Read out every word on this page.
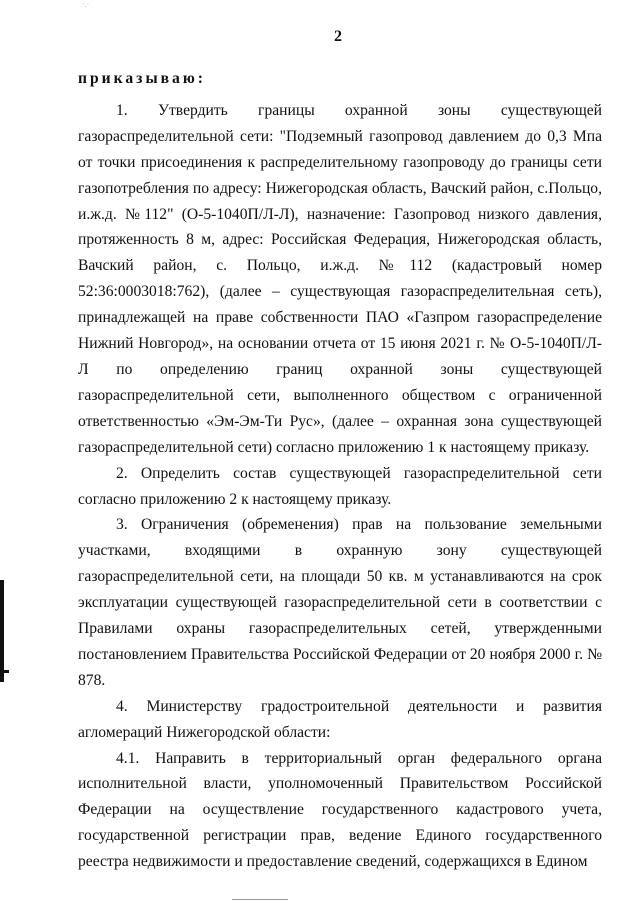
·.·
2
приказываю:

1. Утвердить границы охранной зоны существующей газораспределительной сети: "Подземный газопровод давлением до 0,3 Мпа от точки присоединения к распределительному газопроводу до границы сети газопотребления по адресу: Нижегородская область, Вачский район, с.Польцо, и.ж.д. №112" (О-5-1040П/Л-Л), назначение: Газопровод низкого давления, протяженность 8 м, адрес: Российская Федерация, Нижегородская область, Вачский район, с. Польцо, и.ж.д. №112 (кадастровый номер 52:36:0003018:762), (далее – существующая газораспределительная сеть), принадлежащей на праве собственности ПАО «Газпром газораспределение Нижний Новгород», на основании отчета от 15 июня 2021 г. № О-5-1040П/Л-Л по определению границ охранной зоны существующей газораспределительной сети, выполненного обществом с ограниченной ответственностью «Эм-Эм-Ти Рус», (далее – охранная зона существующей газораспределительной сети) согласно приложению 1 к настоящему приказу.

2. Определить состав существующей газораспределительной сети согласно приложению 2 к настоящему приказу.

3. Ограничения (обременения) прав на пользование земельными участками, входящими в охранную зону существующей газораспределительной сети, на площади 50 кв. м устанавливаются на срок эксплуатации существующей газораспределительной сети в соответствии с Правилами охраны газораспределительных сетей, утвержденными постановлением Правительства Российской Федерации от 20 ноября 2000 г. № 878.

4. Министерству градостроительной деятельности и развития агломераций Нижегородской области:

4.1. Направить в территориальный орган федерального органа исполнительной власти, уполномоченный Правительством Российской Федерации на осуществление государственного кадастрового учета, государственной регистрации прав, ведение Единого государственного реестра недвижимости и предоставление сведений, содержащихся в Едином
